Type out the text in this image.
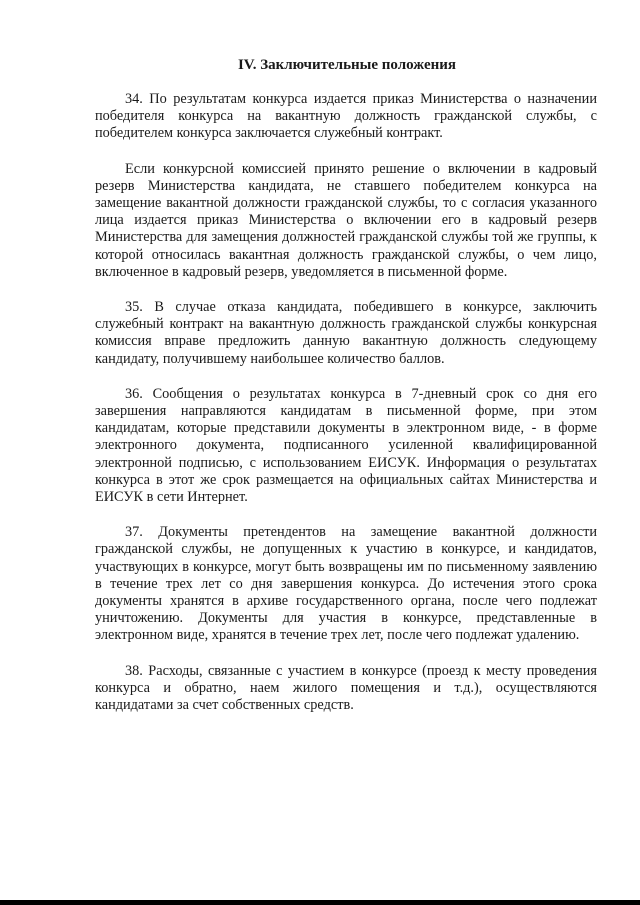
IV. Заключительные положения

34. По результатам конкурса издается приказ Министерства о назначении победителя конкурса на вакантную должность гражданской службы, с победителем конкурса заключается служебный контракт.

Если конкурсной комиссией принято решение о включении в кадровый резерв Министерства кандидата, не ставшего победителем конкурса на замещение вакантной должности гражданской службы, то с согласия указанного лица издается приказ Министерства о включении его в кадровый резерв Министерства для замещения должностей гражданской службы той же группы, к которой относилась вакантная должность гражданской службы, о чем лицо, включенное в кадровый резерв, уведомляется в письменной форме.

35. В случае отказа кандидата, победившего в конкурсе, заключить служебный контракт на вакантную должность гражданской службы конкурсная комиссия вправе предложить данную вакантную должность следующему кандидату, получившему наибольшее количество баллов.

36. Сообщения о результатах конкурса в 7-дневный срок со дня его завершения направляются кандидатам в письменной форме, при этом кандидатам, которые представили документы в электронном виде, - в форме электронного документа, подписанного усиленной квалифицированной электронной подписью, с использованием ЕИСУК. Информация о результатах конкурса в этот же срок размещается на официальных сайтах Министерства и ЕИСУК в сети Интернет.

37. Документы претендентов на замещение вакантной должности гражданской службы, не допущенных к участию в конкурсе, и кандидатов, участвующих в конкурсе, могут быть возвращены им по письменному заявлению в течение трех лет со дня завершения конкурса. До истечения этого срока документы хранятся в архиве государственного органа, после чего подлежат уничтожению. Документы для участия в конкурсе, представленные в электронном виде, хранятся в течение трех лет, после чего подлежат удалению.

38. Расходы, связанные с участием в конкурсе (проезд к месту проведения конкурса и обратно, наем жилого помещения и т.д.), осуществляются кандидатами за счет собственных средств.
